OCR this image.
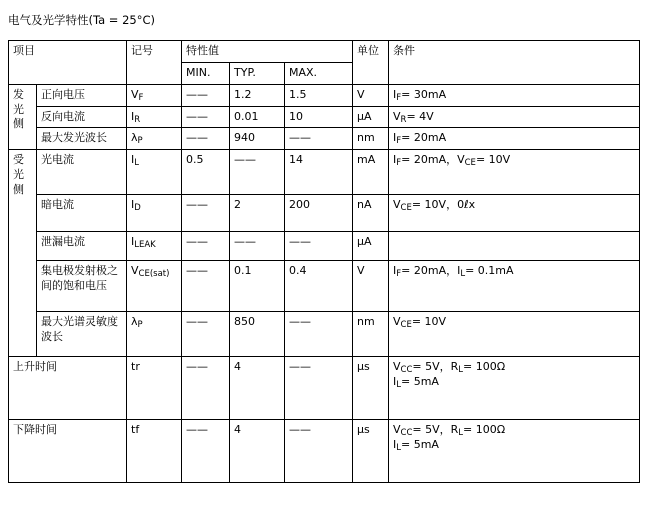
电气及光学特性(Ta = 25°C)
项目		记号	特性值			单位	条件
			MIN.	TYP.	MAX.		
发光侧	正向电压	$V_F$	——	1.2	1.5	V	$I_F= 30mA$
	反向电流	$I_R$	——	0.01	10	μA	$V_R= 4V$
	最大发光波长	$\lambda_P$	——	940	——	nm	$I_F= 20mA$
受光侧	光电流	$I_L$	0.5	——	14	mA	$I_F= 20mA$，$V_{CE}= 10V$
	暗电流	$I_D$	——	2	200	nA	$V_{CE}= 10V$，0ℓx
	泄漏电流	$I_{LEAK}$	——	——	——	μA	
	集电极发射极之间的饱和电压	$V_{CE(sat)}$	——	0.1	0.4	V	$I_F= 20mA$，$I_L= 0.1mA$
	最大光谱灵敏度波长	$\lambda_P$	——	850	——	nm	$V_{CE}= 10V$
上升时间		tr	——	4	——	μs	$V_{CC}= 5V$，$R_L= 100\Omega$
$I_L= 5mA$
下降时间		tf	——	4	——	μs	$V_{CC}= 5V$，$R_L= 100\Omega$
$I_L= 5mA$
